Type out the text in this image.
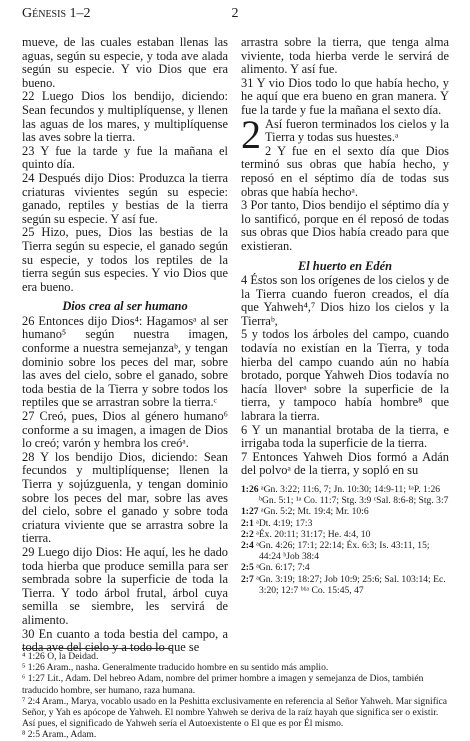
Génesis 1–2	2

mueve, de las cuales estaban llenas las aguas, según su especie, y toda ave alada según su especie. Y vio Dios que era bueno.

22 Luego Dios los bendijo, diciendo: Sean fecundos y multiplíquense, y llenen las aguas de los mares, y multiplíquense las aves sobre la tierra.

23 Y fue la tarde y fue la mañana el quinto día.

24 Después dijo Dios: Produzca la tierra criaturas vivientes según su especie: ganado, reptiles y bestias de la tierra según su especie. Y así fue.

25 Hizo, pues, Dios las bestias de la Tierra según su especie, el ganado según su especie, y todos los reptiles de la tierra según sus especies. Y vio Dios que era bueno.

Dios crea al ser humano

26 Entonces dijo Dios⁴: Hagamosᵃ al ser humano⁵ según nuestra imagen, conforme a nuestra semejanzaᵇ, y tengan dominio sobre los peces del mar, sobre las aves del cielo, sobre el ganado, sobre toda bestia de la Tierra y sobre todos los reptiles que se arrastran sobre la tierra.ᶜ

27 Creó, pues, Dios al género humano⁶ conforme a su imagen, a imagen de Dios lo creó; varón y hembra los creóᵃ.

28 Y los bendijo Dios, diciendo: Sean fecundos y multiplíquense; llenen la Tierra y sojúzguenla, y tengan dominio sobre los peces del mar, sobre las aves del cielo, sobre el ganado y sobre toda criatura viviente que se arrastra sobre la tierra.

29 Luego dijo Dios: He aquí, les he dado toda hierba que produce semilla para ser sembrada sobre la superficie de toda la Tierra. Y todo árbol frutal, árbol cuya semilla se siembre, les servirá de alimento.

30 En cuanto a toda bestia del campo, a toda ave del cielo y a todo lo que se

arrastra sobre la tierra, que tenga alma viviente, toda hierba verde le servirá de alimento. Y así fue.

31 Y vio Dios todo lo que había hecho, y he aquí que era bueno en gran manera. Y fue la tarde y fue la mañana el sexto día.

2 Así fueron terminados los cielos y la Tierra y todas sus huestes.ᵃ

2 Y fue en el sexto día que Dios terminó sus obras que había hecho, y reposó en el séptimo día de todas sus obras que había hechoᵃ.

3 Por tanto, Dios bendijo el séptimo día y lo santificó, porque en él reposó de todas sus obras que Dios había creado para que existieran.

El huerto en Edén

4 Éstos son los orígenes de los cielos y de la Tierra cuando fueron creados, el día que Yahweh⁴,⁷ Dios hizo los cielos y la Tierraᵇ,

5 y todos los árboles del campo, cuando todavía no existían en la Tierra, y toda hierba del campo cuando aún no había brotado, porque Yahweh Dios todavía no hacía lloverᵃ sobre la superficie de la tierra, y tampoco había hombre⁸ que labrara la tierra.

6 Y un manantial brotaba de la tierra, e irrigaba toda la superficie de la tierra.

7 Entonces Yahweh Dios formó a Adán del polvoᵃ de la tierra, y sopló en su

1:26 ᵃGn. 3:22; 11:6, 7; Jn. 10:30; 14:9-11; ¹ᵃP. 1:26 ᵇGn. 5:1; ¹ᵃ Co. 11:7; Stg. 3:9 ᶜSal. 8:6-8; Stg. 3:7
1:27 ᵃGn. 5:2; Mt. 19:4; Mr. 10:6
2:1 ᵃDt. 4:19; 17:3
2:2 ᵃÉx. 20:11; 31:17; He. 4:4, 10
2:4 ᵃGn. 4:26; 17:1; 22:14; Éx. 6:3; Is. 43:11, 15; 44:24 ᵇJob 38:4
2:5 ᵃGn. 6:17; 7:4
2:7 ᵃGn. 3:19; 18:27; Job 10:9; 25:6; Sal. 103:14; Ec. 3:20; 12:7 ᵇ¹ᵃ Co. 15:45, 47
⁴ 1:26 O, la Deidad.
⁵ 1:26 Aram., nasha. Generalmente traducido hombre en su sentido más amplio.
⁶ 1:27 Lit., Adam. Del hebreo Adam, nombre del primer hombre a imagen y semejanza de Dios, también traducido hombre, ser humano, raza humana.
⁷ 2:4 Aram., Marya, vocablo usado en la Peshitta exclusivamente en referencia al Señor Yahweh. Mar significa Señor, y Yah es apócope de Yahweh. El nombre Yahweh se deriva de la raíz hayah que significa ser o existir. Así pues, el significado de Yahweh sería el Autoexistente o El que es por Él mismo.
⁸ 2:5 Aram., Adam.
